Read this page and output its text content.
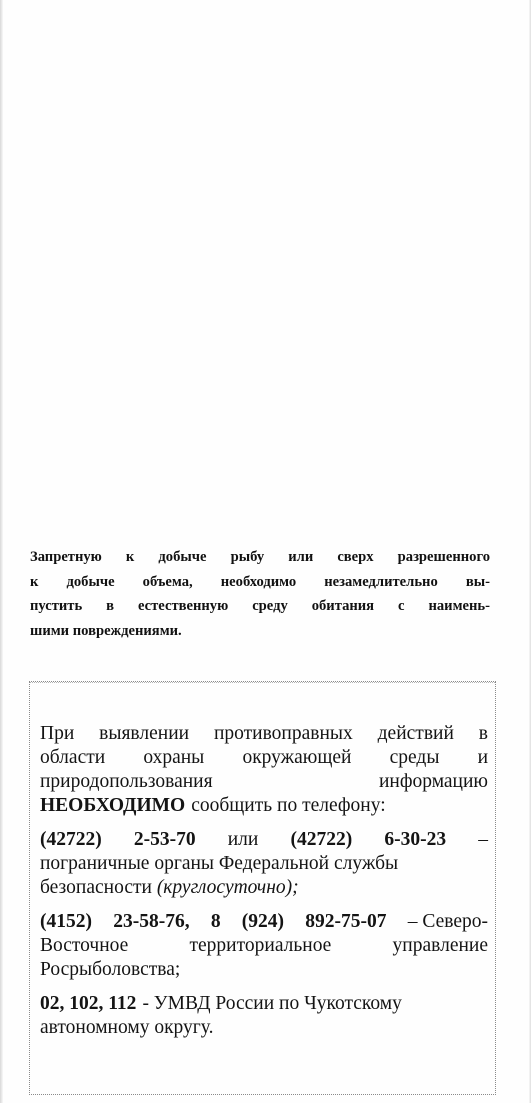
Запретную к добыче рыбу или сверх разрешенного
к добыче объема, необходимо незамедлительно вы-
пустить в естественную среду обитания с наимень-
шими повреждениями.
При выявлении противоправных действий в
области охраны окружающей среды и
природопользования	информацию
НЕОБХОДИМО сообщить по телефону:
(42722) 2-53-70 или (42722) 6-30-23 –
пограничные органы Федеральной службы
безопасности (круглосуточно);
(4152) 23-58-76, 8 (924) 892-75-07 – Северо-
Восточное	территориальное	управление
Росрыболовства;
02, 102, 112 - УМВД России по Чукотскому
автономному округу.
